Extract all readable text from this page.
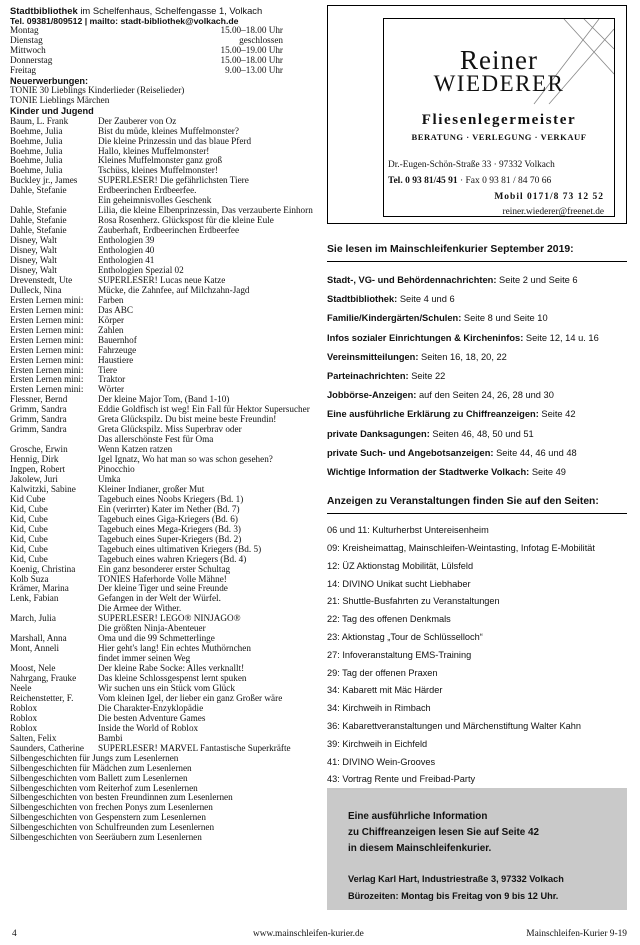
Stadtbibliothek im Schelfenhaus, Schelfengasse 1, Volkach
Tel. 09381/809512 | mailto: stadt-bibliothek@volkach.de
Montag	15.00–18.00 Uhr
Dienstag	geschlossen
Mittwoch	15.00–19.00 Uhr
Donnerstag	15.00–18.00 Uhr
Freitag	9.00–13.00 Uhr
Neuerwerbungen:
TONIE 30 Lieblings Kinderlieder (Reiselieder)
TONIE Lieblings Märchen
Kinder und Jugend
Baum, L. Frank	Der Zauberer von Oz
Boehme, Julia	Bist du müde, kleines Muffelmonster?
Boehme, Julia	Die kleine Prinzessin und das blaue Pferd
Boehme, Julia	Hallo, kleines Muffelmonster!
Boehme, Julia	Kleines Muffelmonster ganz groß
Boehme, Julia	Tschüss, kleines Muffelmonster!
Buckley jr., James	SUPERLESER! Die gefährlichsten Tiere
Dahle, Stefanie	Erdbeerinchen Erdbeerfee.
Ein geheimnisvolles Geschenk
Dahle, Stefanie	Lilia, die kleine Elbenprinzessin, Das verzauberte Einhorn
Dahle, Stefanie	Rosa Rosenherz. Glückspost für die kleine Eule
Dahle, Stefanie	Zauberhaft, Erdbeerinchen Erdbeerfee
Disney, Walt	Enthologien 39
Disney, Walt	Enthologien 40
Disney, Walt	Enthologien 41
Disney, Walt	Enthologien Spezial 02
Drevenstedt, Ute	SUPERLESER! Lucas neue Katze
Dulleck, Nina	Mücke, die Zahnfee, auf Milchzahn-Jagd
Ersten Lernen mini:	Farben
Ersten Lernen mini:	Das ABC
Ersten Lernen mini:	Körper
Ersten Lernen mini:	Zahlen
Ersten Lernen mini:	Bauernhof
Ersten Lernen mini:	Fahrzeuge
Ersten Lernen mini:	Haustiere
Ersten Lernen mini:	Tiere
Ersten Lernen mini:	Traktor
Ersten Lernen mini:	Wörter
Flessner, Bernd	Der kleine Major Tom, (Band 1-10)
Grimm, Sandra	Eddie Goldfisch ist weg! Ein Fall für Hektor Supersucher
Grimm, Sandra	Greta Glückspilz. Du bist meine beste Freundin!
Grimm, Sandra	Greta Glückspilz. Miss Superbrav oder
Das allerschönste Fest für Oma
Grosche, Erwin	Wenn Katzen ratzen
Hennig, Dirk	Igel Ignatz, Wo hat man so was schon gesehen?
Ingpen, Robert	Pinocchio
Jakolew, Juri	Umka
Kalwitzki, Sabine	Kleiner Indianer, großer Mut
Kid Cube	Tagebuch eines Noobs Kriegers (Bd. 1)
Kid, Cube	Ein (verirrter) Kater im Nether (Bd. 7)
Kid, Cube	Tagebuch eines Giga-Kriegers (Bd. 6)
Kid, Cube	Tagebuch eines Mega-Kriegers (Bd. 3)
Kid, Cube	Tagebuch eines Super-Kriegers (Bd. 2)
Kid, Cube	Tagebuch eines ultimativen Kriegers (Bd. 5)
Kid, Cube	Tagebuch eines wahren Kriegers (Bd. 4)
Koenig, Christina	Ein ganz besonderer erster Schultag
Kolb Suza	TONIES Haferhorde Volle Mähne!
Krämer, Marina	Der kleine Tiger und seine Freunde
Lenk, Fabian	Gefangen in der Welt der Würfel.
Die Armee der Wither.
March, Julia	SUPERLESER! LEGO® NINJAGO®
Die größten Ninja-Abenteuer
Marshall, Anna	Oma und die 99 Schmetterlinge
Mont, Anneli	Hier geht's lang! Ein echtes Muthörnchen
findet immer seinen Weg
Moost, Nele	Der kleine Rabe Socke: Alles verknallt!
Nahrgang, Frauke	Das kleine Schlossgespenst lernt spuken
Neele	Wir suchen uns ein Stück vom Glück
Reichenstetter, F.	Vom kleinen Igel, der lieber ein ganz Großer wäre
Roblox	Die Charakter-Enzyklopädie
Roblox	Die besten Adventure Games
Roblox	Inside the World of Roblox
Salten, Felix	Bambi
Saunders, Catherine	SUPERLESER! MARVEL Fantastische Superkräfte
Silbengeschichten für Jungs zum Lesenlernen
Silbengeschichten für Mädchen zum Lesenlernen
Silbengeschichten vom Ballett zum Lesenlernen
Silbengeschichten vom Reiterhof zum Lesenlernen
Silbengeschichten von besten Freundinnen zum Lesenlernen
Silbengeschichten von frechen Ponys zum Lesenlernen
Silbengeschichten von Gespenstern zum Lesenlernen
Silbengeschichten von Schulfreunden zum Lesenlernen
Silbengeschichten von Seeräubern zum Lesenlernen
Reiner
WIEDERER
Fliesenlegermeister
BERATUNG · VERLEGUNG · VERKAUF
Dr.-Eugen-Schön-Straße 33 · 97332 Volkach
Tel. 0 93 81/45 91 · Fax 0 93 81 / 84 70 66
Mobil 0171/8 73 12 52
reiner.wiederer@freenet.de
Sie lesen im Mainschleifenkurier September 2019:
Stadt-, VG- und Behördennachrichten: Seite 2 und Seite 6
Stadtbibliothek: Seite 4 und 6
Familie/Kindergärten/Schulen: Seite 8 und Seite 10
Infos sozialer Einrichtungen & Kircheninfos: Seite 12, 14 u. 16
Vereinsmitteilungen: Seiten 16, 18, 20, 22
Parteinachrichten: Seite 22
Jobbörse-Anzeigen: auf den Seiten 24, 26, 28 und 30
Eine ausführliche Erklärung zu Chiffreanzeigen: Seite 42
private Danksagungen: Seiten 46, 48, 50 und 51
private Such- und Angebotsanzeigen: Seite 44, 46 und 48
Wichtige Information der Stadtwerke Volkach: Seite 49
Anzeigen zu Veranstaltungen finden Sie auf den Seiten:
06 und 11: Kulturherbst Untereisenheim
09: Kreisheimattag, Mainschleifen-Weintasting, Infotag E-Mobilität
12: ÜZ Aktionstag Mobilität, Lülsfeld
14: DIVINO Unikat sucht Liebhaber
21: Shuttle-Busfahrten zu Veranstaltungen
22: Tag des offenen Denkmals
23: Aktionstag „Tour de Schlüsselloch“
27: Infoveranstaltung EMS-Training
29: Tag der offenen Praxen
34: Kabarett mit Mäc Härder
34: Kirchweih in Rimbach
36: Kabarettveranstaltungen und Märchenstiftung Walter Kahn
39: Kirchweih in Eichfeld
41: DIVINO Wein-Grooves
43: Vortrag Rente und Freibad-Party
Eine ausführliche Information
zu Chiffreanzeigen lesen Sie auf Seite 42
in diesem Mainschleifenkurier.
Verlag Karl Hart, Industriestraße 3, 97332 Volkach
Bürozeiten: Montag bis Freitag von 9 bis 12 Uhr.
4	www.mainschleifen-kurier.de	Mainschleifen-Kurier 9-19
